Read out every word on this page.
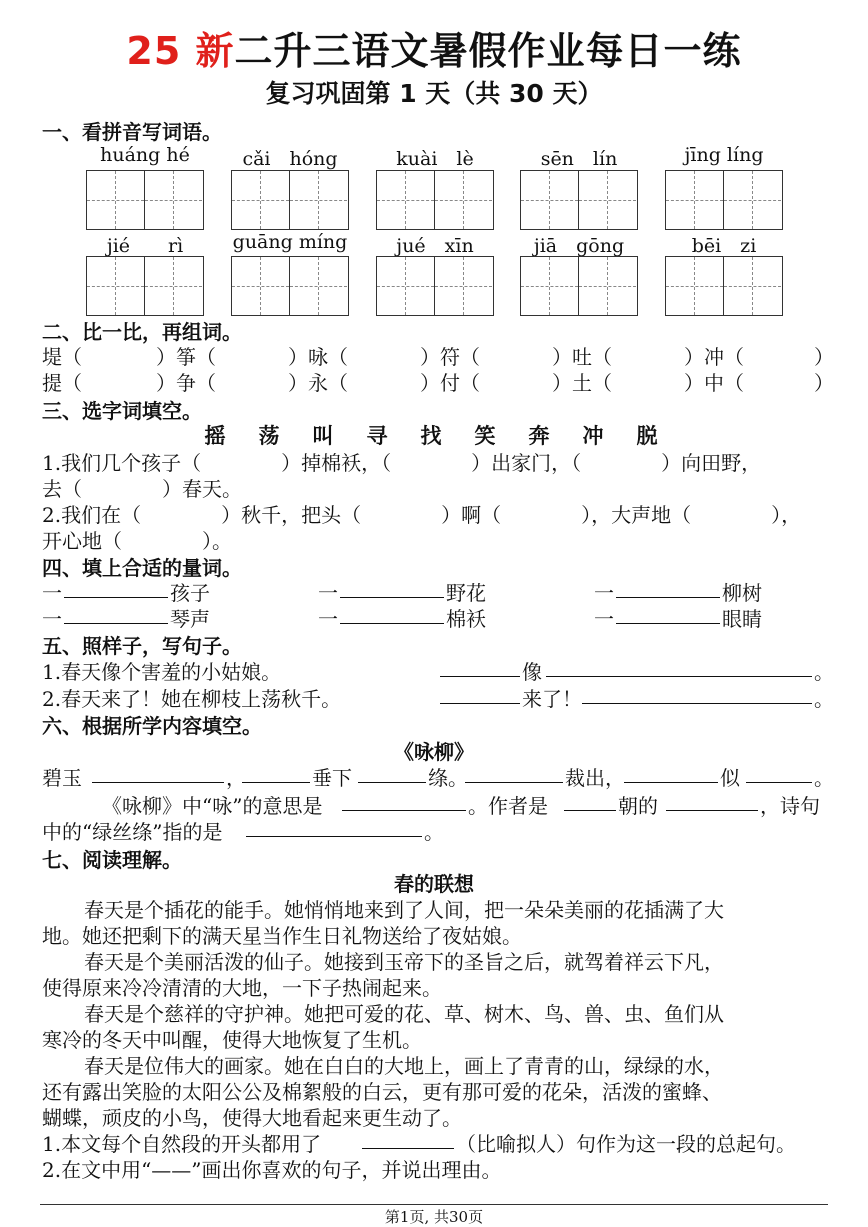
25 新二升三语文暑假作业每日一练
复习巩固第 1 天（共 30 天）
一、看拼音写词语。
huáng hé	cǎi　hóng	kuài　lè	sēn　lín	jīng líng
jié　　rì	guāng míng	jué　xīn	jiā　gōng	bēi　zi
二、比一比，再组词。
堤（	）筝（	）咏（	）符（	）吐（	）冲（	）
提（	）争（	）永（	）付（	）土（	）中（	）
三、选字词填空。
摇　荡　叫　寻　找　笑　奔　冲　脱
1.我们几个孩子（　　　　）掉棉袄，（　　　　）出家门，（　　　　）向田野，
去（　　　　）春天。
2.我们在（　　　　）秋千，把头（　　　　）啊（　　　　），大声地（　　　　），
开心地（　　　　）。
四、填上合适的量词。
一	孩子	一	野花	一	柳树
一	琴声	一	棉袄	一	眼睛
五、照样子，写句子。
1.春天像个害羞的小姑娘。	像	。
2.春天来了！她在柳枝上荡秋千。	来了！	。
六、根据所学内容填空。
《咏柳》
碧玉	，	垂下	绦。	裁出，	似	。
《咏柳》中“咏”的意思是	。作者是	朝的	，诗句
中的“绿丝绦”指的是	。
七、阅读理解。
春的联想
春天是个插花的能手。她悄悄地来到了人间，把一朵朵美丽的花插满了大
地。她还把剩下的满天星当作生日礼物送给了夜姑娘。
春天是个美丽活泼的仙子。她接到玉帝下的圣旨之后，就驾着祥云下凡，
使得原来冷冷清清的大地，一下子热闹起来。
春天是个慈祥的守护神。她把可爱的花、草、树木、鸟、兽、虫、鱼们从
寒冷的冬天中叫醒，使得大地恢复了生机。
春天是位伟大的画家。她在白白的大地上，画上了青青的山，绿绿的水，
还有露出笑脸的太阳公公及棉絮般的白云，更有那可爱的花朵，活泼的蜜蜂、
蝴蝶，顽皮的小鸟，使得大地看起来更生动了。
1.本文每个自然段的开头都用了	（比喻拟人）句作为这一段的总起句。
2.在文中用“——”画出你喜欢的句子，并说出理由。
第1页, 共30页
